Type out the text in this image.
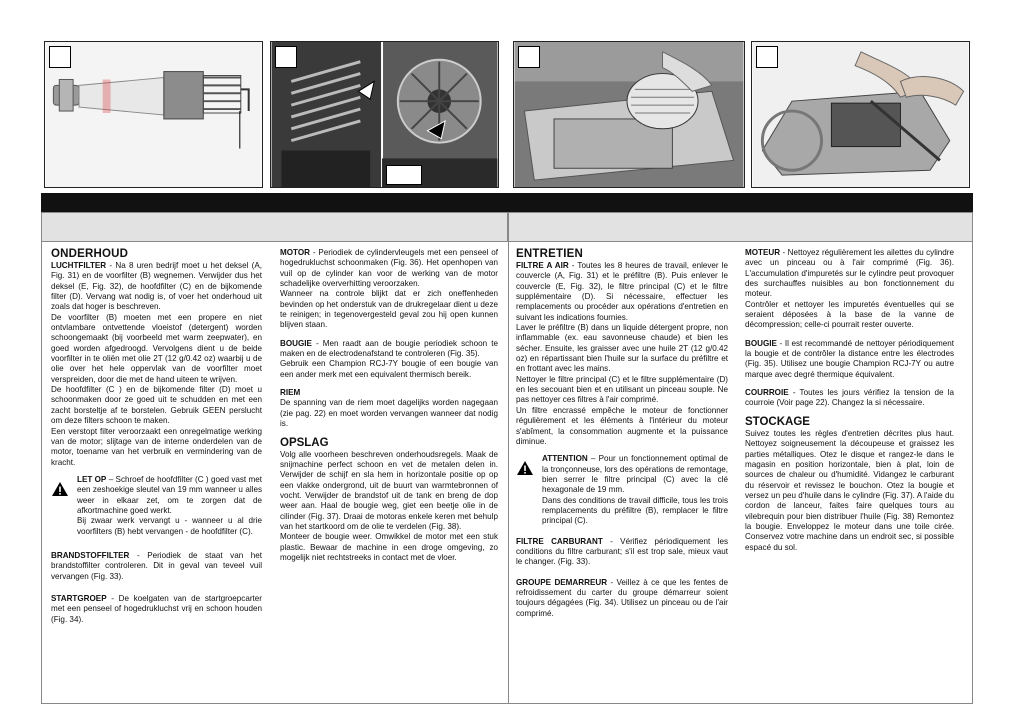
ONDERHOUD

LUCHTFILTER - Na 8 uren bedrijf moet u het deksel (A, Fig. 31) en de voorfilter (B) wegnemen. Verwijder dus het deksel (E, Fig. 32), de hoofdfilter (C) en de bijkomende filter (D). Vervang wat nodig is, of voer het onderhoud uit zoals dat hoger is beschreven.

De voorfilter (B) moeten met een propere en niet ontvlambare ontvettende vloeistof (detergent) worden schoongemaakt (bij voorbeeld met warm zeepwater), en goed worden afgedroogd. Vervolgens dient u de beide voorfilter in te oliën met olie 2T (12 g/0.42 oz) waarbij u de olie over het hele oppervlak van de voorfilter moet verspreiden, door die met de hand uiteen te wrijven.

De hoofdfilter (C ) en de bijkomende filter (D) moet u schoonmaken door ze goed uit te schudden en met een zacht borsteltje af te borstelen. Gebruik GEEN perslucht om deze filters schoon te maken.

Een verstopt filter veroorzaakt een onregelmatige werking van de motor; slijtage van de interne onderdelen van de motor, toename van het verbruik en vermindering van de kracht.

LET OP – Schroef de hoofdfilter (C ) goed vast met een zeshoekige sleutel van 19 mm wanneer u alles weer in elkaar zet, om te zorgen dat de afkortmachine goed werkt.

Bij zwaar werk vervangt u - wanneer u al drie voorfilters (B) hebt vervangen - de hoofdfilter (C).

BRANDSTOFFILTER - Periodiek de staat van het brandstoffilter controleren. Dit in geval van teveel vuil vervangen (Fig. 33).

STARTGROEP - De koelgaten van de startgroepcarter met een penseel of hogedrukluchst vrij en schoon houden (Fig. 34).

MOTOR - Periodiek de cylindervleugels met een penseel of hogedrukluchst schoonmaken (Fig. 36). Het openhopen van vuil op de cylinder kan voor de werking van de motor schadelijke oververhitting veroorzaken.

Wanneer na controle blijkt dat er zich oneffenheden bevinden op het onderstuk van de drukregelaar dient u deze te reinigen; in tegenovergesteld geval zou hij open kunnen blijven staan.

BOUGIE - Men raadt aan de bougie periodiek schoon te maken en de electrodenafstand te controleren (Fig. 35).

Gebruik een Champion RCJ-7Y bougie of een bougie van een ander merk met een equivalent thermisch bereik.

RIEM

De spanning van de riem moet dagelijks worden nagegaan (zie pag. 22) en moet worden vervangen wanneer dat nodig is.

OPSLAG

Volg alle voorheen beschreven onderhoudsregels. Maak de snijmachine perfect schoon en vet de metalen delen in. Verwijder de schijf en sla hem in horizontale positie op op een vlakke ondergrond, uit de buurt van warmtebronnen of vocht. Verwijder de brandstof uit de tank en breng de dop weer aan. Haal de bougie weg, giet een beetje olie in de cilinder (Fig. 37). Draai de motoras enkele keren met behulp van het startkoord om de olie te verdelen (Fig. 38).

Monteer de bougie weer. Omwikkel de motor met een stuk plastic. Bewaar de machine in een droge omgeving, zo mogelijk niet rechtstreeks in contact met de vloer.

ENTRETIEN

FILTRE A AIR - Toutes les 8 heures de travail, enlever le couvercle (A, Fig. 31) et le préfiltre (B). Puis enlever le couvercle (E, Fig. 32), le filtre principal (C) et le filtre supplémentaire (D). Si nécessaire, effectuer les remplacements ou procéder aux opérations d'entretien en suivant les indications fournies.

Laver le préfiltre (B) dans un liquide détergent propre, non inflammable (ex. eau savonneuse chaude) et bien les sécher. Ensuite, les graisser avec une huile 2T (12 g/0.42 oz) en répartissant bien l'huile sur la surface du préfiltre et en frottant avec les mains.

Nettoyer le filtre principal (C) et le filtre supplémentaire (D) en les secouant bien et en utilisant un pinceau souple. Ne pas nettoyer ces filtres à l'air comprimé.

Un filtre encrassé empêche le moteur de fonctionner régulièrement et les éléments à l'intérieur du moteur s'abîment, la consommation augmente et la puissance diminue.

ATTENTION – Pour un fonctionnement optimal de la tronçonneuse, lors des opérations de remontage, bien serrer le filtre principal (C) avec la clé hexagonale de 19 mm.

Dans des conditions de travail difficile, tous les trois remplacements du préfiltre (B), remplacer le filtre principal (C).

FILTRE CARBURANT - Vérifiez périodiquement les conditions du filtre carburant; s'il est trop sale, mieux vaut le changer. (Fig. 33).

GROUPE DEMARREUR - Veillez à ce que les fentes de refroidissement du carter du groupe démarreur soient toujours dégagées (Fig. 34). Utilisez un pinceau ou de l'air comprimé.

MOTEUR - Nettoyez régulièrement les ailettes du cylindre avec un pinceau ou à l'air comprimé (Fig. 36). L'accumulation d'impuretés sur le cylindre peut provoquer des surchauffes nuisibles au bon fonctionnement du moteur.

Contrôler et nettoyer les impuretés éventuelles qui se seraient déposées à la base de la vanne de décompression; celle-ci pourrait rester ouverte.

BOUGIE - Il est recommandé de nettoyer périodiquement la bougie et de contrôler la distance entre les électrodes (Fig. 35). Utilisez une bougie Champion RCJ-7Y ou autre marque avec degré thermique équivalent.

COURROIE - Toutes les jours vérifiez la tension de la courroie (Voir page 22). Changez la si nécessaire.

STOCKAGE

Suivez toutes les règles d'entretien décrites plus haut. Nettoyez soigneusement la découpeuse et graissez les parties métalliques. Otez le disque et rangez-le dans le magasin en position horizontale, bien à plat, loin de sources de chaleur ou d'humidité. Vidangez le carburant du réservoir et revissez le bouchon. Otez la bougie et versez un peu d'huile dans le cylindre (Fig. 37). A l'aide du cordon de lanceur, faites faire quelques tours au vilebrequin pour bien distribuer l'huile (Fig. 38) Remontez la bougie. Enveloppez le moteur dans une toile cirée. Conservez votre machine dans un endroit sec, si possible espacé du sol.
